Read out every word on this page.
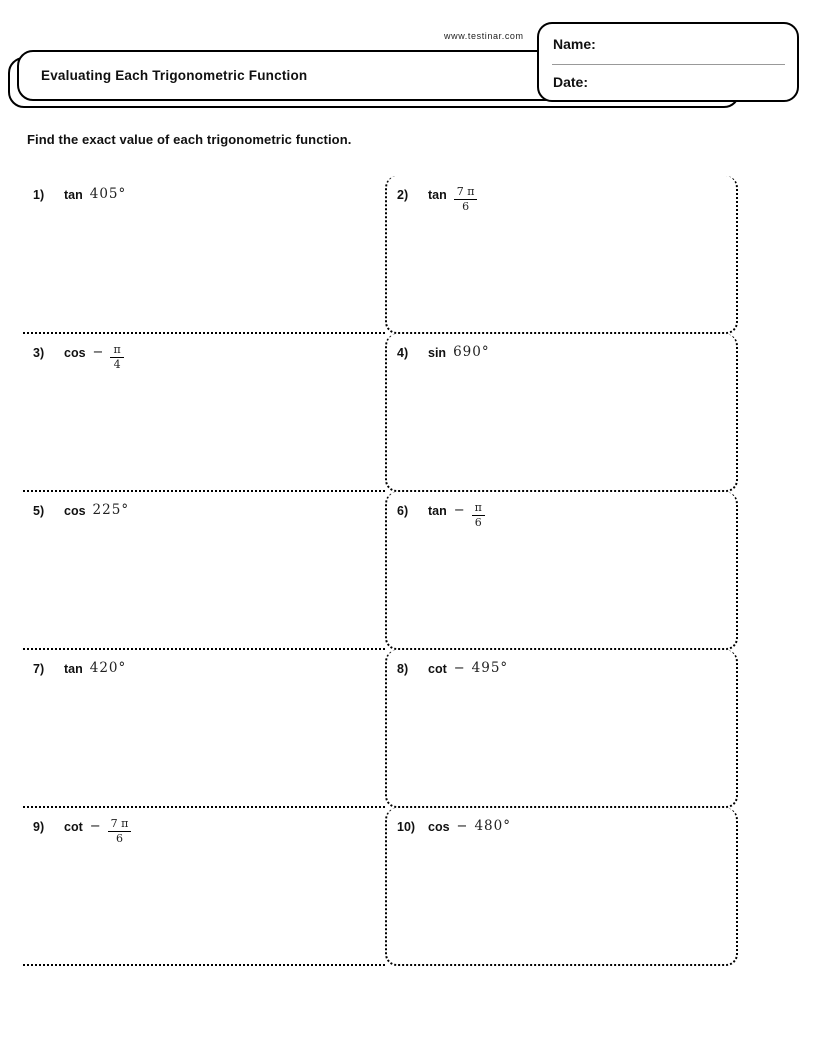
www.testinar.com
Evaluating Each Trigonometric Function
Name:
Date:
Find the exact value of each trigonometric function.
1)	tan 405°	2)	$\tan \frac{7 \pi}{6}$
3)	$\cos - \frac{\pi}{4}$	4)	sin 690°
5)	cos 225°	6)	$\tan - \frac{\pi}{6}$
7)	tan 420°	8)	cot − 495°
9)	$\cot - \frac{7 \pi}{6}$	10)	cos − 480°
